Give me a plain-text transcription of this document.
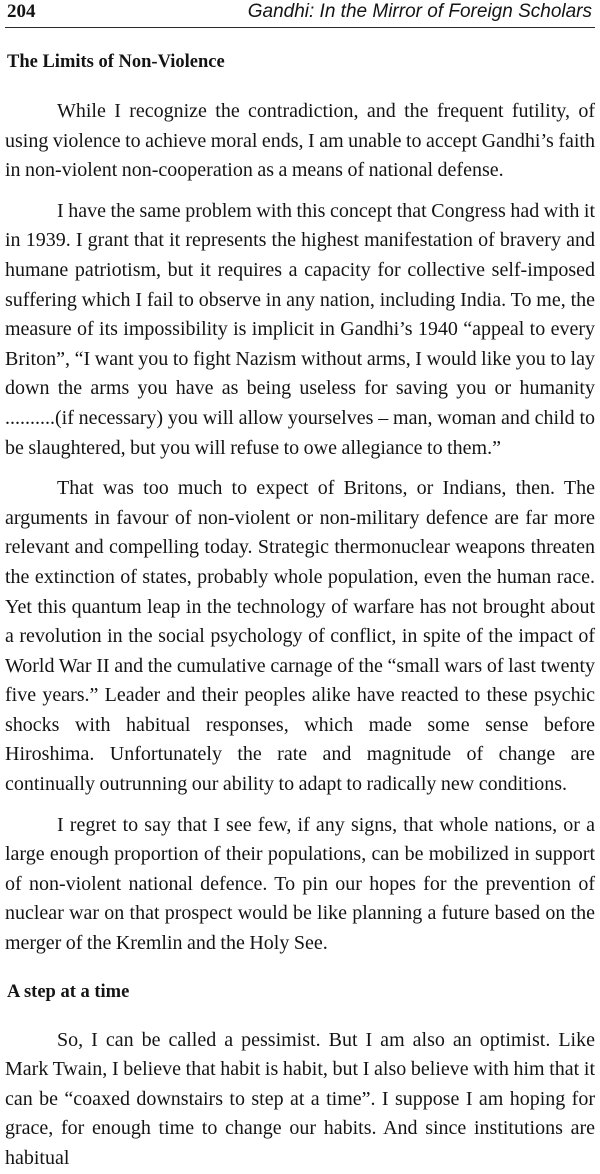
204	Gandhi: In the Mirror of Foreign Scholars
The Limits of Non-Violence

While I recognize the contradiction, and the frequent futility, of using violence to achieve moral ends, I am unable to accept Gandhi’s faith in non-violent non-cooperation as a means of national defense.

I have the same problem with this concept that Congress had with it in 1939. I grant that it represents the highest manifestation of bravery and humane patriotism, but it requires a capacity for collective self-imposed suffering which I fail to observe in any nation, including India. To me, the measure of its impossibility is implicit in Gandhi’s 1940 “appeal to every Briton”, “I want you to fight Nazism without arms, I would like you to lay down the arms you have as being useless for saving you or humanity ..........(if necessary) you will allow yourselves – man, woman and child to be slaughtered, but you will refuse to owe allegiance to them.”

That was too much to expect of Britons, or Indians, then. The arguments in favour of non-violent or non-military defence are far more relevant and compelling today. Strategic thermonuclear weapons threaten the extinction of states, probably whole population, even the human race. Yet this quantum leap in the technology of warfare has not brought about a revolution in the social psychology of conflict, in spite of the impact of World War II and the cumulative carnage of the “small wars of last twenty five years.” Leader and their peoples alike have reacted to these psychic shocks with habitual responses, which made some sense before Hiroshima. Unfortunately the rate and magnitude of change are continually outrunning our ability to adapt to radically new conditions.

I regret to say that I see few, if any signs, that whole nations, or a large enough proportion of their populations, can be mobilized in support of non-violent national defence. To pin our hopes for the prevention of nuclear war on that prospect would be like planning a future based on the merger of the Kremlin and the Holy See.

A step at a time

So, I can be called a pessimist. But I am also an optimist. Like Mark Twain, I believe that habit is habit, but I also believe with him that it can be “coaxed downstairs to step at a time”. I suppose I am hoping for grace, for enough time to change our habits. And since institutions are habitual
